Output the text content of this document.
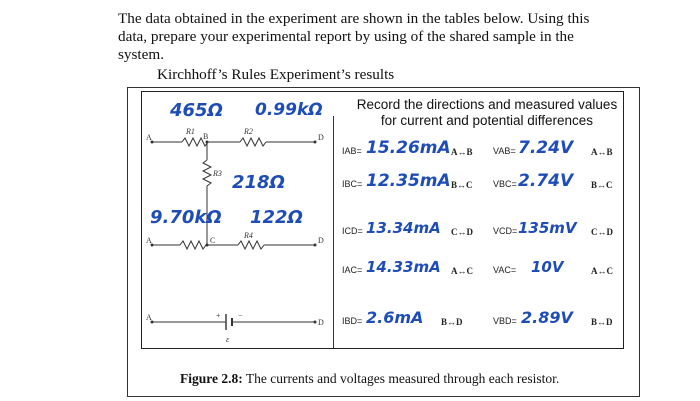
The data obtained in the experiment are shown in the tables below. Using this data, prepare your experimental report by using of the shared sample in the system.

Kirchhoff’s Rules Experiment’s results

A	B	D
A	C	D
A
D
R1	R2
R3
R4
+ −
ε
465Ω 0.99kΩ
218Ω
9.70kΩ 122Ω

Record the directions and measured values for current and potential differences

IAB= 15.26mA A↔B VAB= 7.24V A↔B
IBC= 12.35mA B↔C VBC= 2.74V B↔C
ICD= 13.34mA C↔D VCD= 135mV C↔D
IAC= 14.33mA A↔C VAC= 10V	A↔C
IBD= 2.6mA B↔D	VBD= 2.89V B↔D

Figure 2.8: The currents and voltages measured through each resistor.
